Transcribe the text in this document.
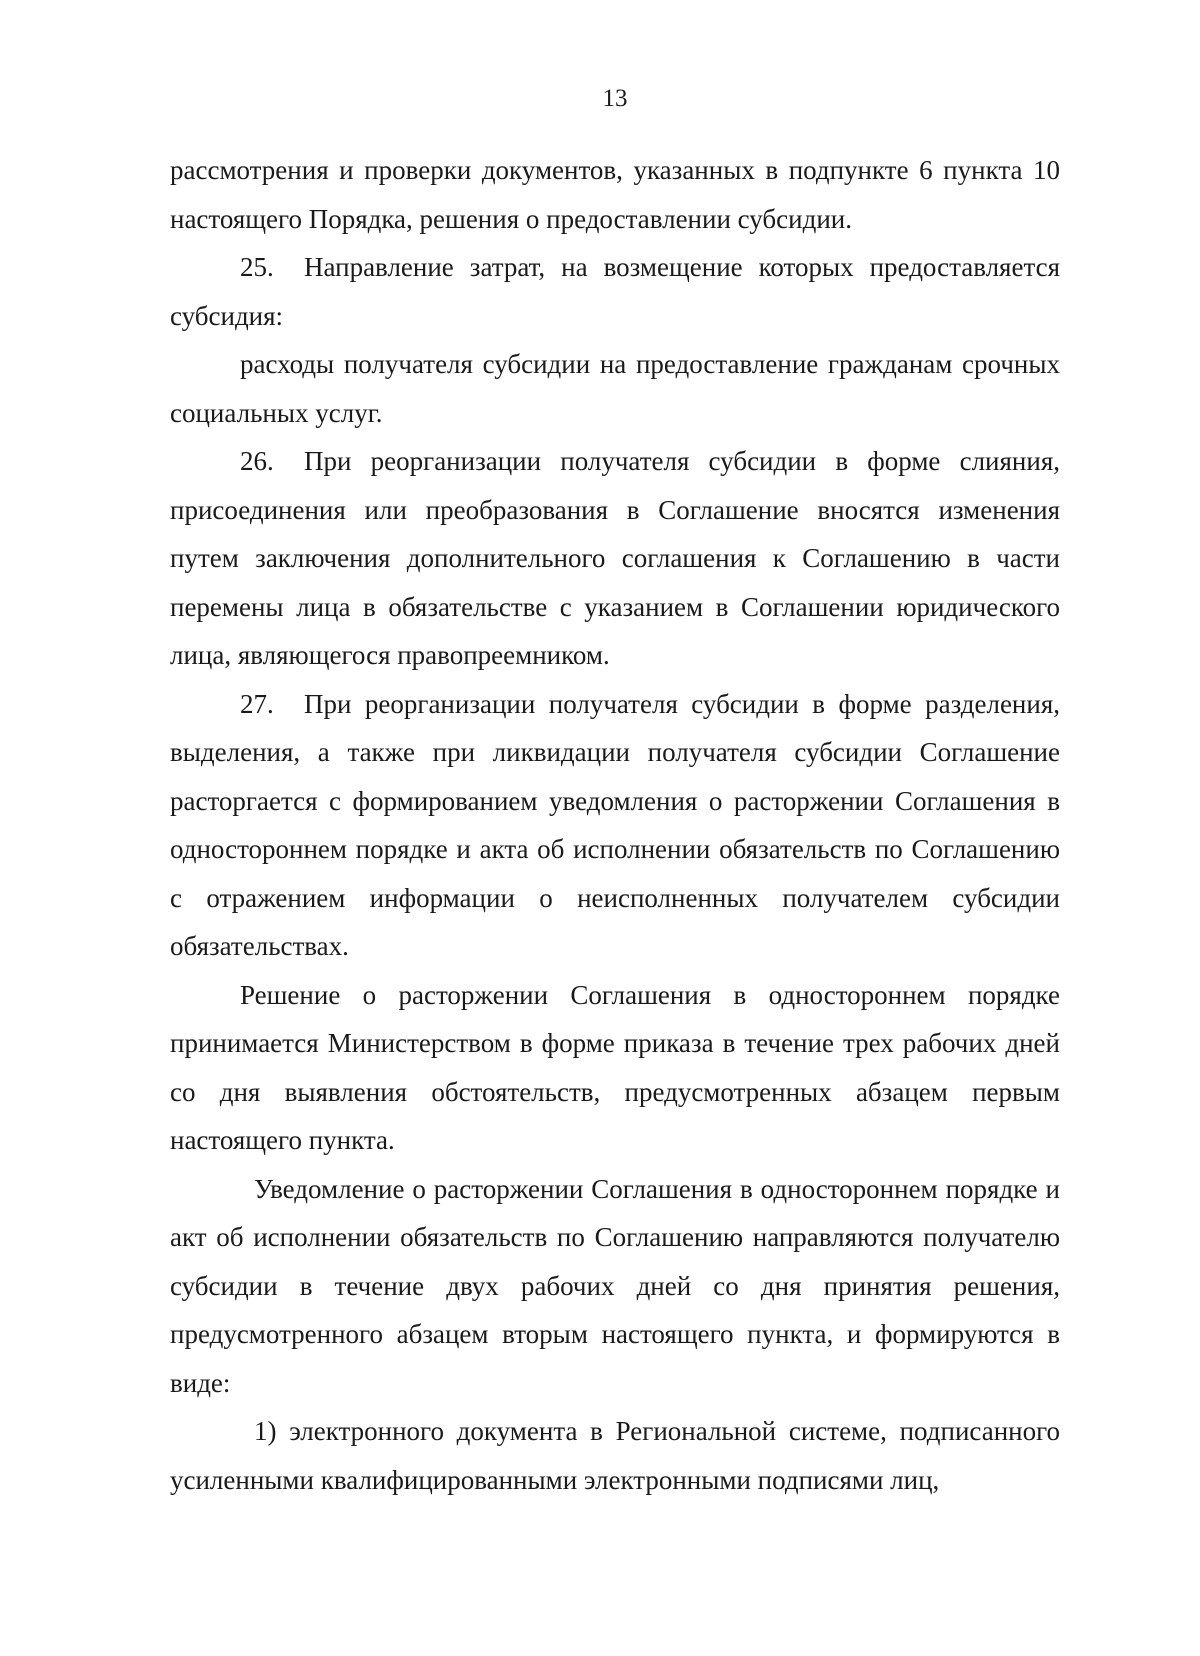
13

рассмотрения и проверки документов, указанных в подпункте 6 пункта 10 настоящего Порядка, решения о предоставлении субсидии.

25. Направление затрат, на возмещение которых предоставляется субсидия:

расходы получателя субсидии на предоставление гражданам срочных социальных услуг.

26. При реорганизации получателя субсидии в форме слияния, присоединения или преобразования в Соглашение вносятся изменения путем заключения дополнительного соглашения к Соглашению в части перемены лица в обязательстве с указанием в Соглашении юридического лица, являющегося правопреемником.

27. При реорганизации получателя субсидии в форме разделения, выделения, а также при ликвидации получателя субсидии Соглашение расторгается с формированием уведомления о расторжении Соглашения в одностороннем порядке и акта об исполнении обязательств по Соглашению с отражением информации о неисполненных получателем субсидии обязательствах.

Решение о расторжении Соглашения в одностороннем порядке принимается Министерством в форме приказа в течение трех рабочих дней со дня выявления обстоятельств, предусмотренных абзацем первым настоящего пункта.

Уведомление о расторжении Соглашения в одностороннем порядке и акт об исполнении обязательств по Соглашению направляются получателю субсидии в течение двух рабочих дней со дня принятия решения, предусмотренного абзацем вторым настоящего пункта, и формируются в виде:

1) электронного документа в Региональной системе, подписанного усиленными квалифицированными электронными подписями лиц,
